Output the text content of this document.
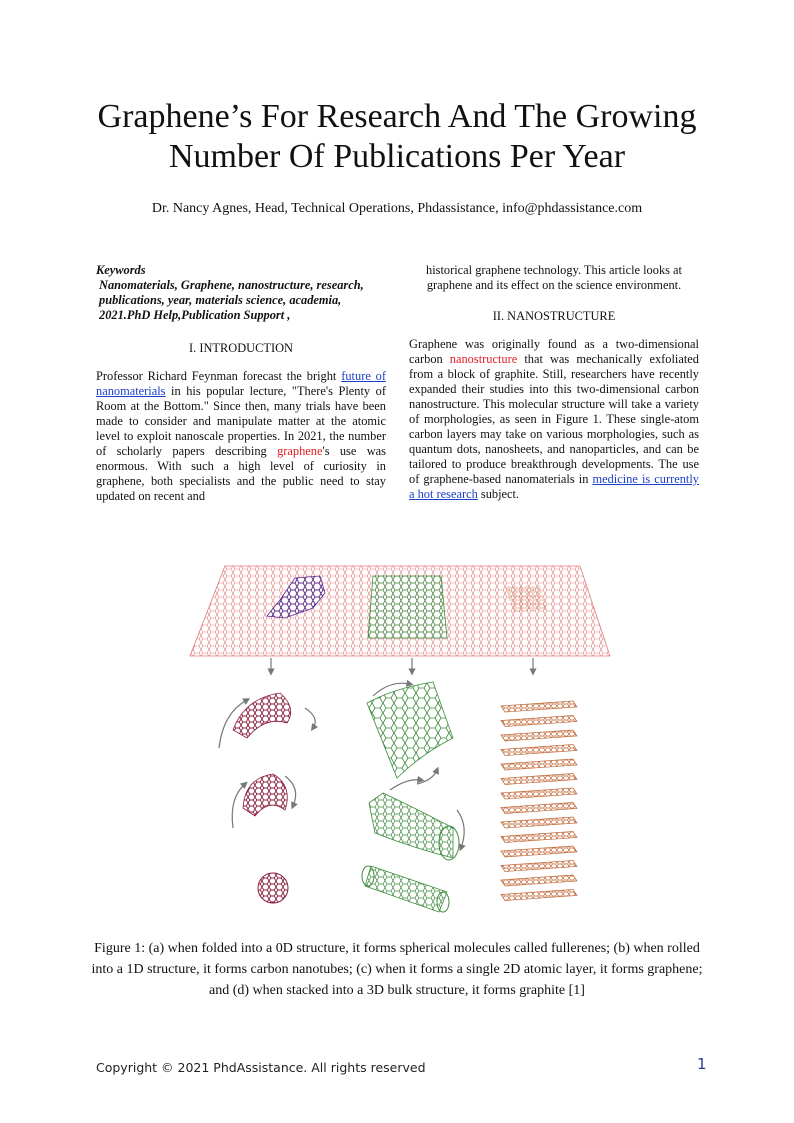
Graphene’s For Research And The Growing
Number Of Publications Per Year
Dr. Nancy Agnes, Head, Technical Operations, Phdassistance, info@phdassistance.com
Keywords
Nanomaterials, Graphene, nanostructure, research, publications, year, materials science, academia, 2021.PhD Help,Publication Support ,
I. INTRODUCTION
Professor Richard Feynman forecast the bright future of nanomaterials in his popular lecture, "There's Plenty of Room at the Bottom." Since then, many trials have been made to consider and manipulate matter at the atomic level to exploit nanoscale properties. In 2021, the number of scholarly papers describing graphene's use was enormous. With such a high level of curiosity in graphene, both specialists and the public need to stay updated on recent and
historical graphene technology. This article looks at graphene and its effect on the science environment.
II. NANOSTRUCTURE
Graphene was originally found as a two-dimensional carbon nanostructure that was mechanically exfoliated from a block of graphite. Still, researchers have recently expanded their studies into this two-dimensional carbon nanostructure. This molecular structure will take a variety of morphologies, as seen in Figure 1. These single-atom carbon layers may take on various morphologies, such as quantum dots, nanosheets, and nanoparticles, and can be tailored to produce breakthrough developments. The use of graphene-based nanomaterials in medicine is currently a hot research subject.
Figure 1: (a) when folded into a 0D structure, it forms spherical molecules called fullerenes; (b) when rolled into a 1D structure, it forms carbon nanotubes; (c) when it forms a single 2D atomic layer, it forms graphene; and (d) when stacked into a 3D bulk structure, it forms graphite [1]
Copyright © 2021 PhdAssistance. All rights reserved	1
